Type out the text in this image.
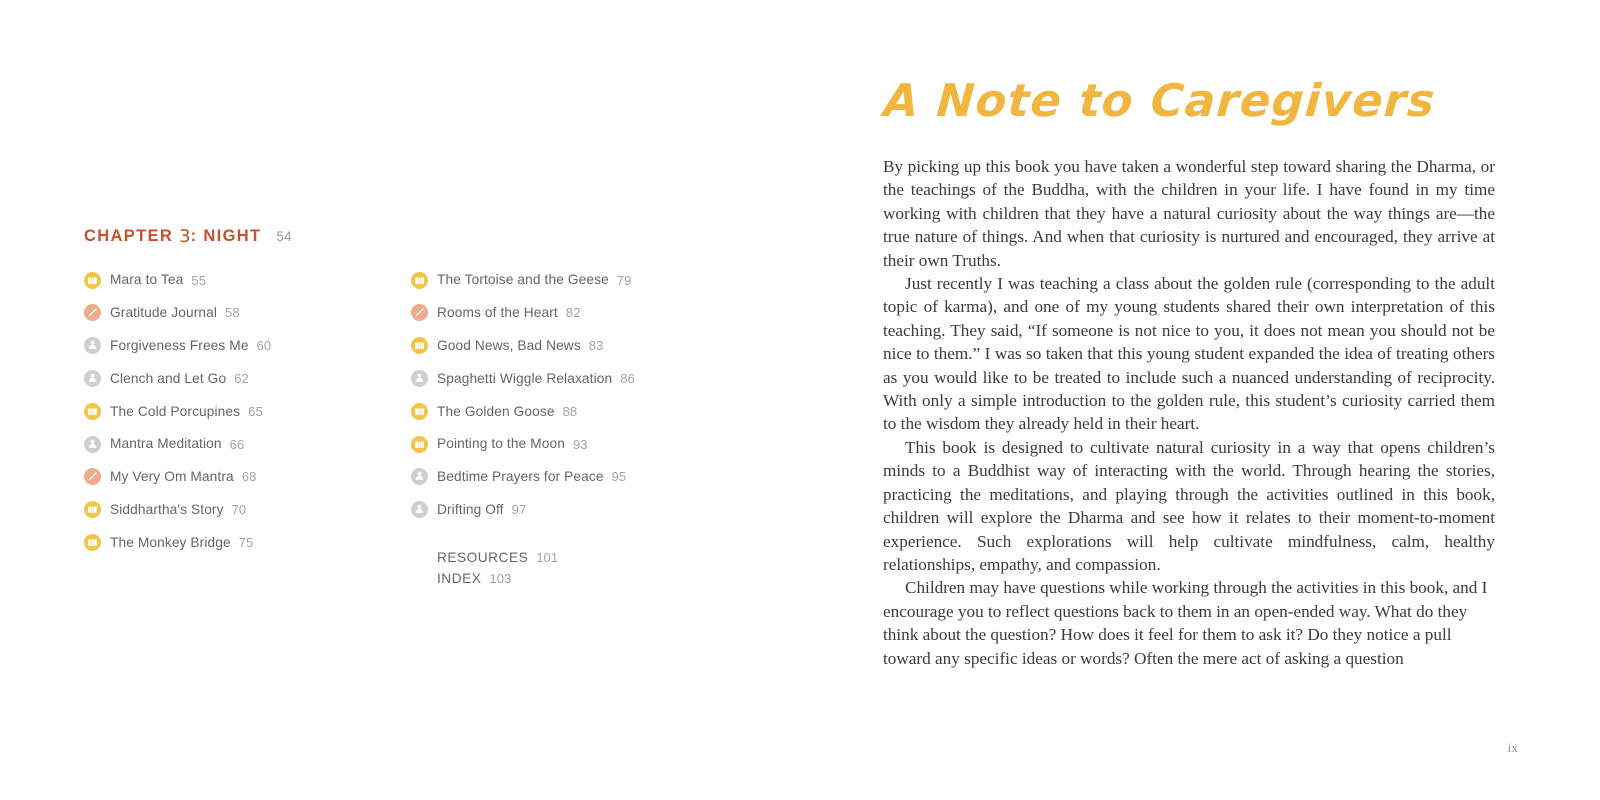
CHAPTER 3: NIGHT 54
Mara to Tea 55
Gratitude Journal 58
Forgiveness Frees Me 60
Clench and Let Go 62
The Cold Porcupines 65
Mantra Meditation 66
My Very Om Mantra 68
Siddhartha's Story 70
The Monkey Bridge 75
The Tortoise and the Geese 79
Rooms of the Heart 82
Good News, Bad News 83
Spaghetti Wiggle Relaxation 86
The Golden Goose 88
Pointing to the Moon 93
Bedtime Prayers for Peace 95
Drifting Off 97
RESOURCES 101
INDEX 103
A Note to Caregivers

By picking up this book you have taken a wonderful step toward sharing the Dharma, or the teachings of the Buddha, with the children in your life. I have found in my time working with children that they have a natural curiosity about the way things are—the true nature of things. And when that curiosity is nurtured and encouraged, they arrive at their own Truths.

Just recently I was teaching a class about the golden rule (corresponding to the adult topic of karma), and one of my young students shared their own interpretation of this teaching. They said, “If someone is not nice to you, it does not mean you should not be nice to them.” I was so taken that this young student expanded the idea of treating others as you would like to be treated to include such a nuanced understanding of reciprocity. With only a simple introduction to the golden rule, this student’s curiosity carried them to the wisdom they already held in their heart.

This book is designed to cultivate natural curiosity in a way that opens children’s minds to a Buddhist way of interacting with the world. Through hearing the stories, practicing the meditations, and playing through the activities outlined in this book, children will explore the Dharma and see how it relates to their moment-to-moment experience. Such explorations will help cultivate mindfulness, calm, healthy relationships, empathy, and compassion.

Children may have questions while working through the activities in this book, and I encourage you to reflect questions back to them in an open-ended way. What do they think about the question? How does it feel for them to ask it? Do they notice a pull toward any specific ideas or words? Often the mere act of asking a question

ix
